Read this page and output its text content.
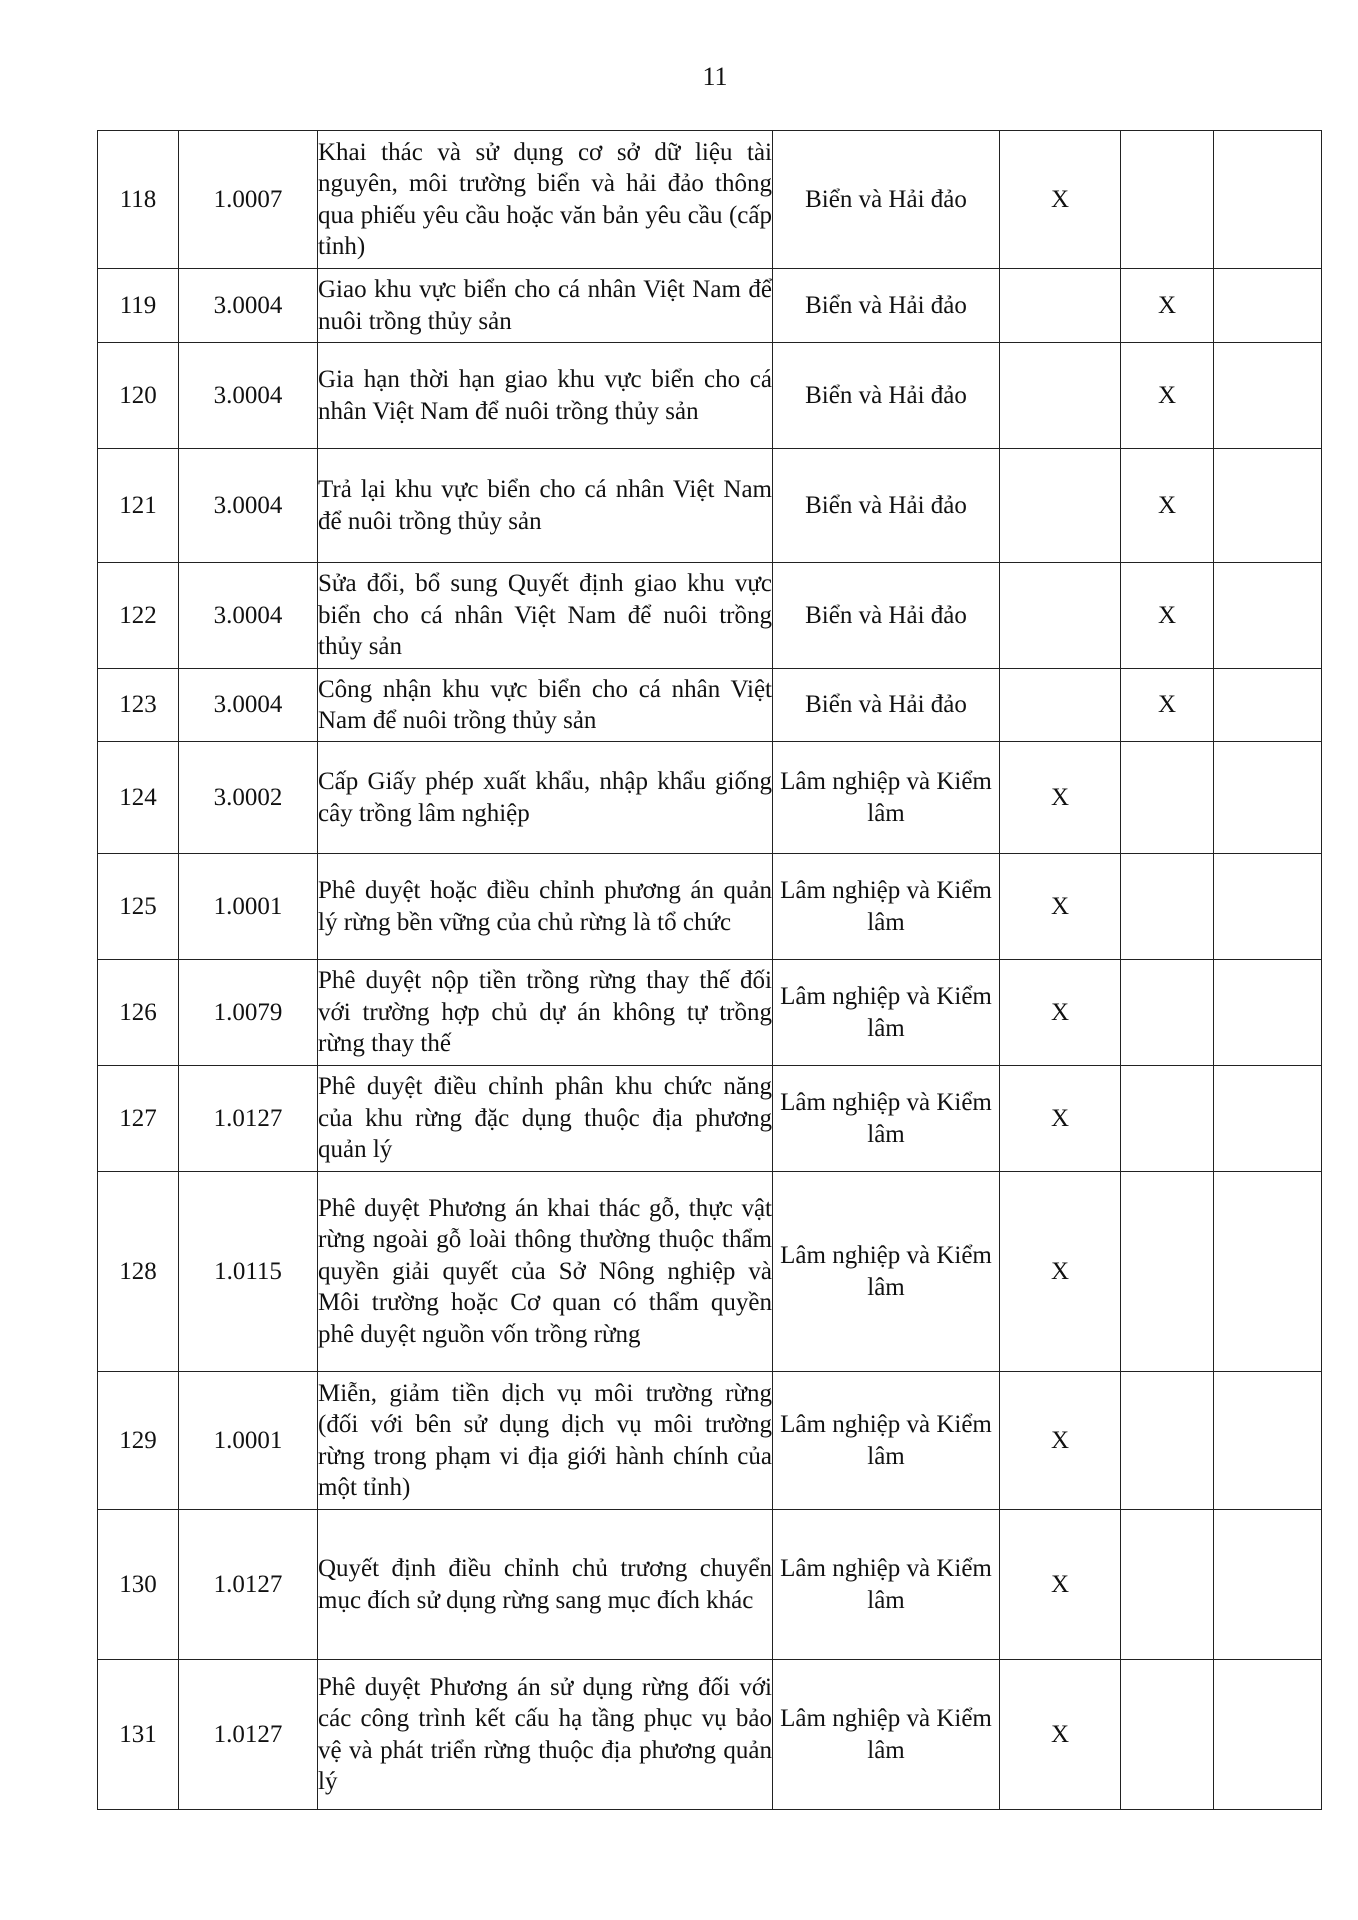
11
118	1.0007	Khai thác và sử dụng cơ sở dữ liệu tài nguyên, môi trường biển và hải đảo thông qua phiếu yêu cầu hoặc văn bản yêu cầu (cấp tỉnh)	Biển và Hải đảo	X		
119	3.0004	Giao khu vực biển cho cá nhân Việt Nam để nuôi trồng thủy sản	Biển và Hải đảo		X	
120	3.0004	Gia hạn thời hạn giao khu vực biển cho cá nhân Việt Nam để nuôi trồng thủy sản	Biển và Hải đảo		X	
121	3.0004	Trả lại khu vực biển cho cá nhân Việt Nam để nuôi trồng thủy sản	Biển và Hải đảo		X	
122	3.0004	Sửa đổi, bổ sung Quyết định giao khu vực biển cho cá nhân Việt Nam để nuôi trồng thủy sản	Biển và Hải đảo		X	
123	3.0004	Công nhận khu vực biển cho cá nhân Việt Nam để nuôi trồng thủy sản	Biển và Hải đảo		X	
124	3.0002	Cấp Giấy phép xuất khẩu, nhập khẩu giống cây trồng lâm nghiệp	Lâm nghiệp và Kiểm lâm	X		
125	1.0001	Phê duyệt hoặc điều chỉnh phương án quản lý rừng bền vững của chủ rừng là tổ chức	Lâm nghiệp và Kiểm lâm	X		
126	1.0079	Phê duyệt nộp tiền trồng rừng thay thế đối với trường hợp chủ dự án không tự trồng rừng thay thế	Lâm nghiệp và Kiểm lâm	X		
127	1.0127	Phê duyệt điều chỉnh phân khu chức năng của khu rừng đặc dụng thuộc địa phương quản lý	Lâm nghiệp và Kiểm lâm	X		
128	1.0115	Phê duyệt Phương án khai thác gỗ, thực vật rừng ngoài gỗ loài thông thường thuộc thẩm quyền giải quyết của Sở Nông nghiệp và Môi trường hoặc Cơ quan có thẩm quyền phê duyệt nguồn vốn trồng rừng	Lâm nghiệp và Kiểm lâm	X		
129	1.0001	Miễn, giảm tiền dịch vụ môi trường rừng (đối với bên sử dụng dịch vụ môi trường rừng trong phạm vi địa giới hành chính của một tỉnh)	Lâm nghiệp và Kiểm lâm	X		
130	1.0127	Quyết định điều chỉnh chủ trương chuyển mục đích sử dụng rừng sang mục đích khác	Lâm nghiệp và Kiểm lâm	X		
131	1.0127	Phê duyệt Phương án sử dụng rừng đối với các công trình kết cấu hạ tầng phục vụ bảo vệ và phát triển rừng thuộc địa phương quản lý	Lâm nghiệp và Kiểm lâm	X		
